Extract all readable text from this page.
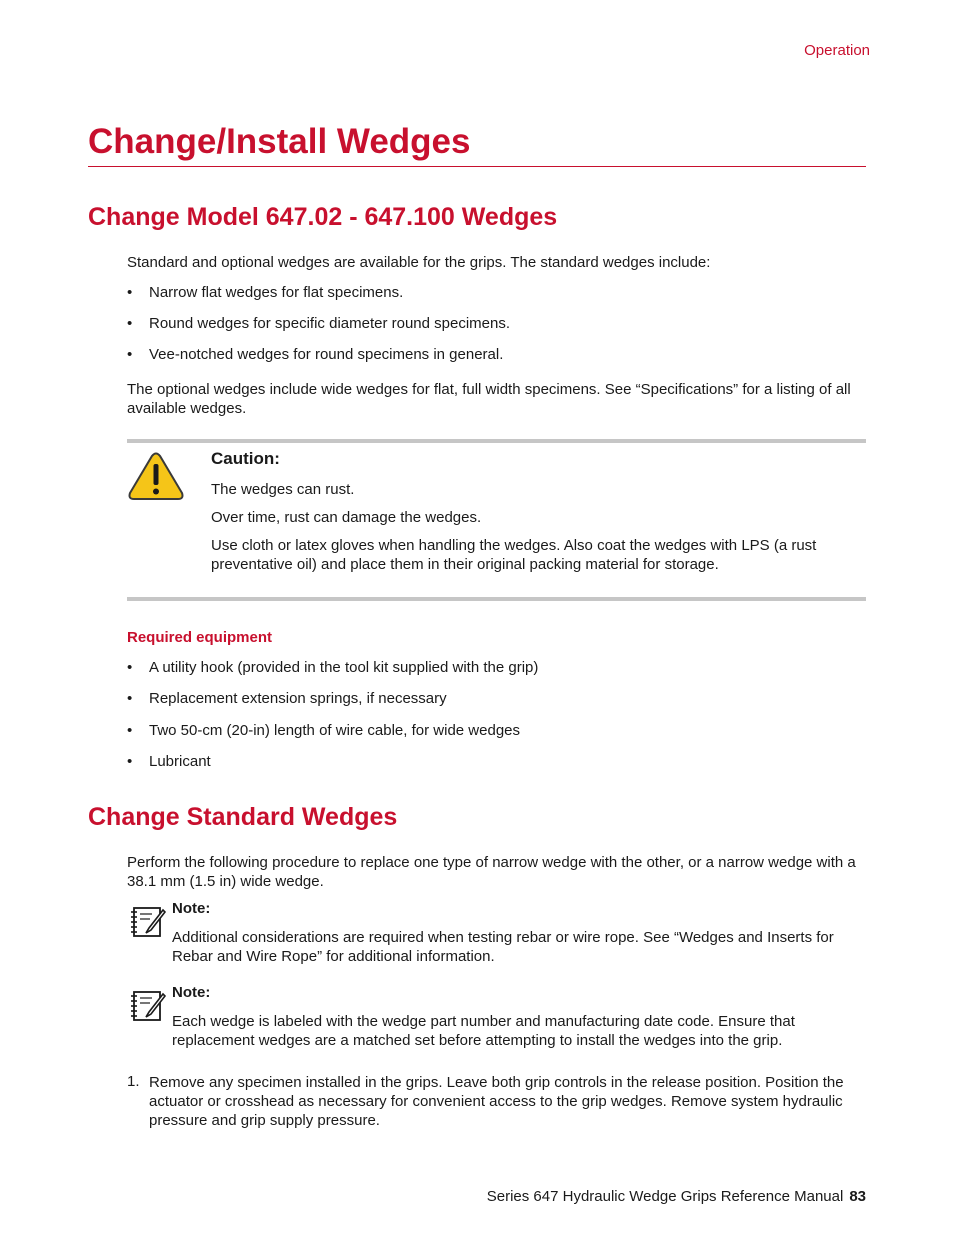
Operation
Change/Install Wedges
Change Model 647.02 - 647.100 Wedges

Standard and optional wedges are available for the grips. The standard wedges include:

• Narrow flat wedges for flat specimens.
• Round wedges for specific diameter round specimens.
• Vee-notched wedges for round specimens in general.

The optional wedges include wide wedges for flat, full width specimens. See “Specifications” for a listing of all available wedges.

Caution:
The wedges can rust.
Over time, rust can damage the wedges.
Use cloth or latex gloves when handling the wedges. Also coat the wedges with LPS (a rust preventative oil) and place them in their original packing material for storage.
Required equipment
• A utility hook (provided in the tool kit supplied with the grip)
• Replacement extension springs, if necessary
• Two 50-cm (20-in) length of wire cable, for wide wedges
• Lubricant
Change Standard Wedges

Perform the following procedure to replace one type of narrow wedge with the other, or a narrow wedge with a 38.1 mm (1.5 in) wide wedge.

Note:
Additional considerations are required when testing rebar or wire rope. See “Wedges and Inserts for Rebar and Wire Rope” for additional information.
Note:
Each wedge is labeled with the wedge part number and manufacturing date code. Ensure that replacement wedges are a matched set before attempting to install the wedges into the grip.
1. Remove any specimen installed in the grips. Leave both grip controls in the release position. Position the actuator or crosshead as necessary for convenient access to the grip wedges. Remove system hydraulic pressure and grip supply pressure.
Series 647 Hydraulic Wedge Grips Reference Manual 83
